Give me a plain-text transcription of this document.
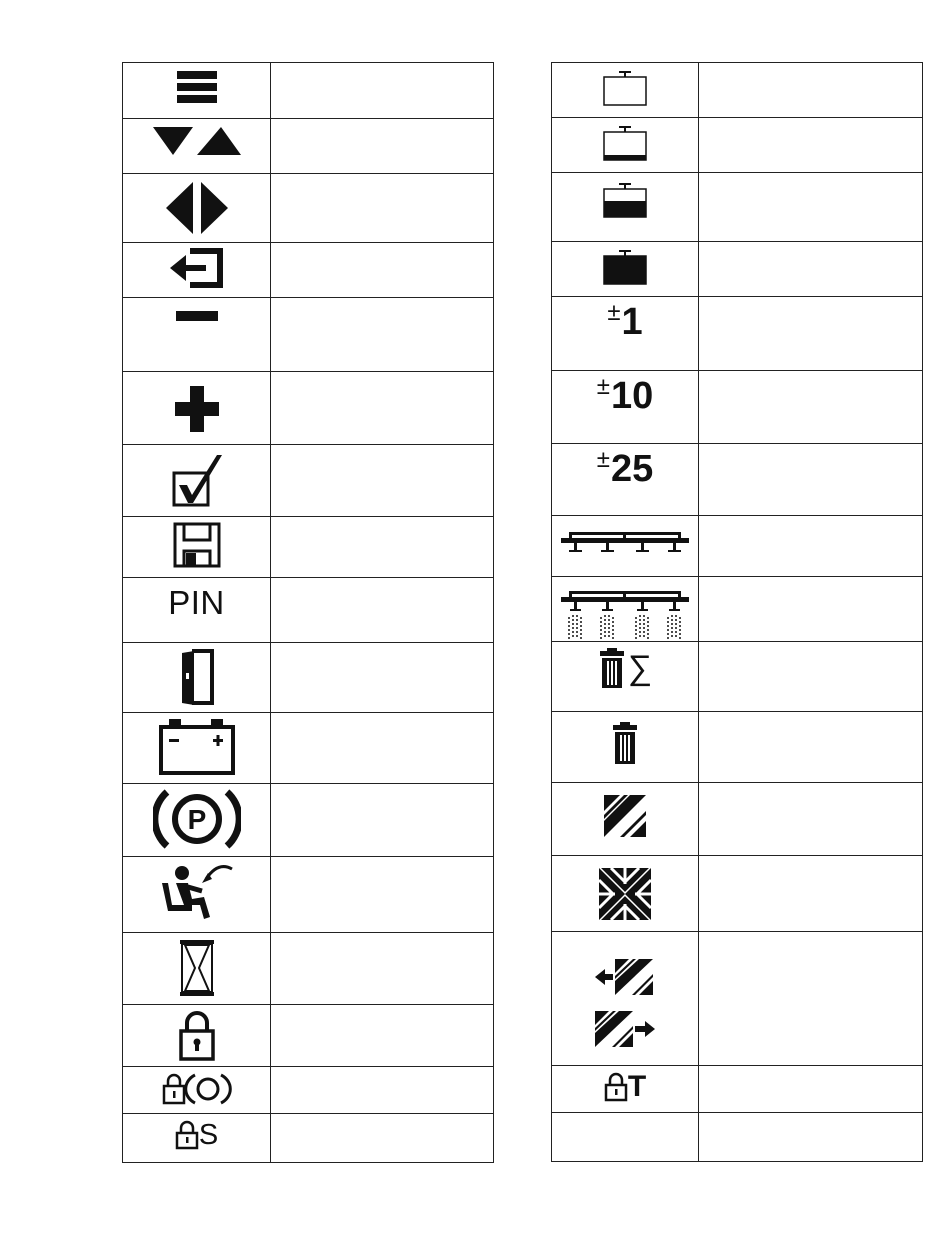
PIN
P
S
± 1
± 10
± 25
∑
T
